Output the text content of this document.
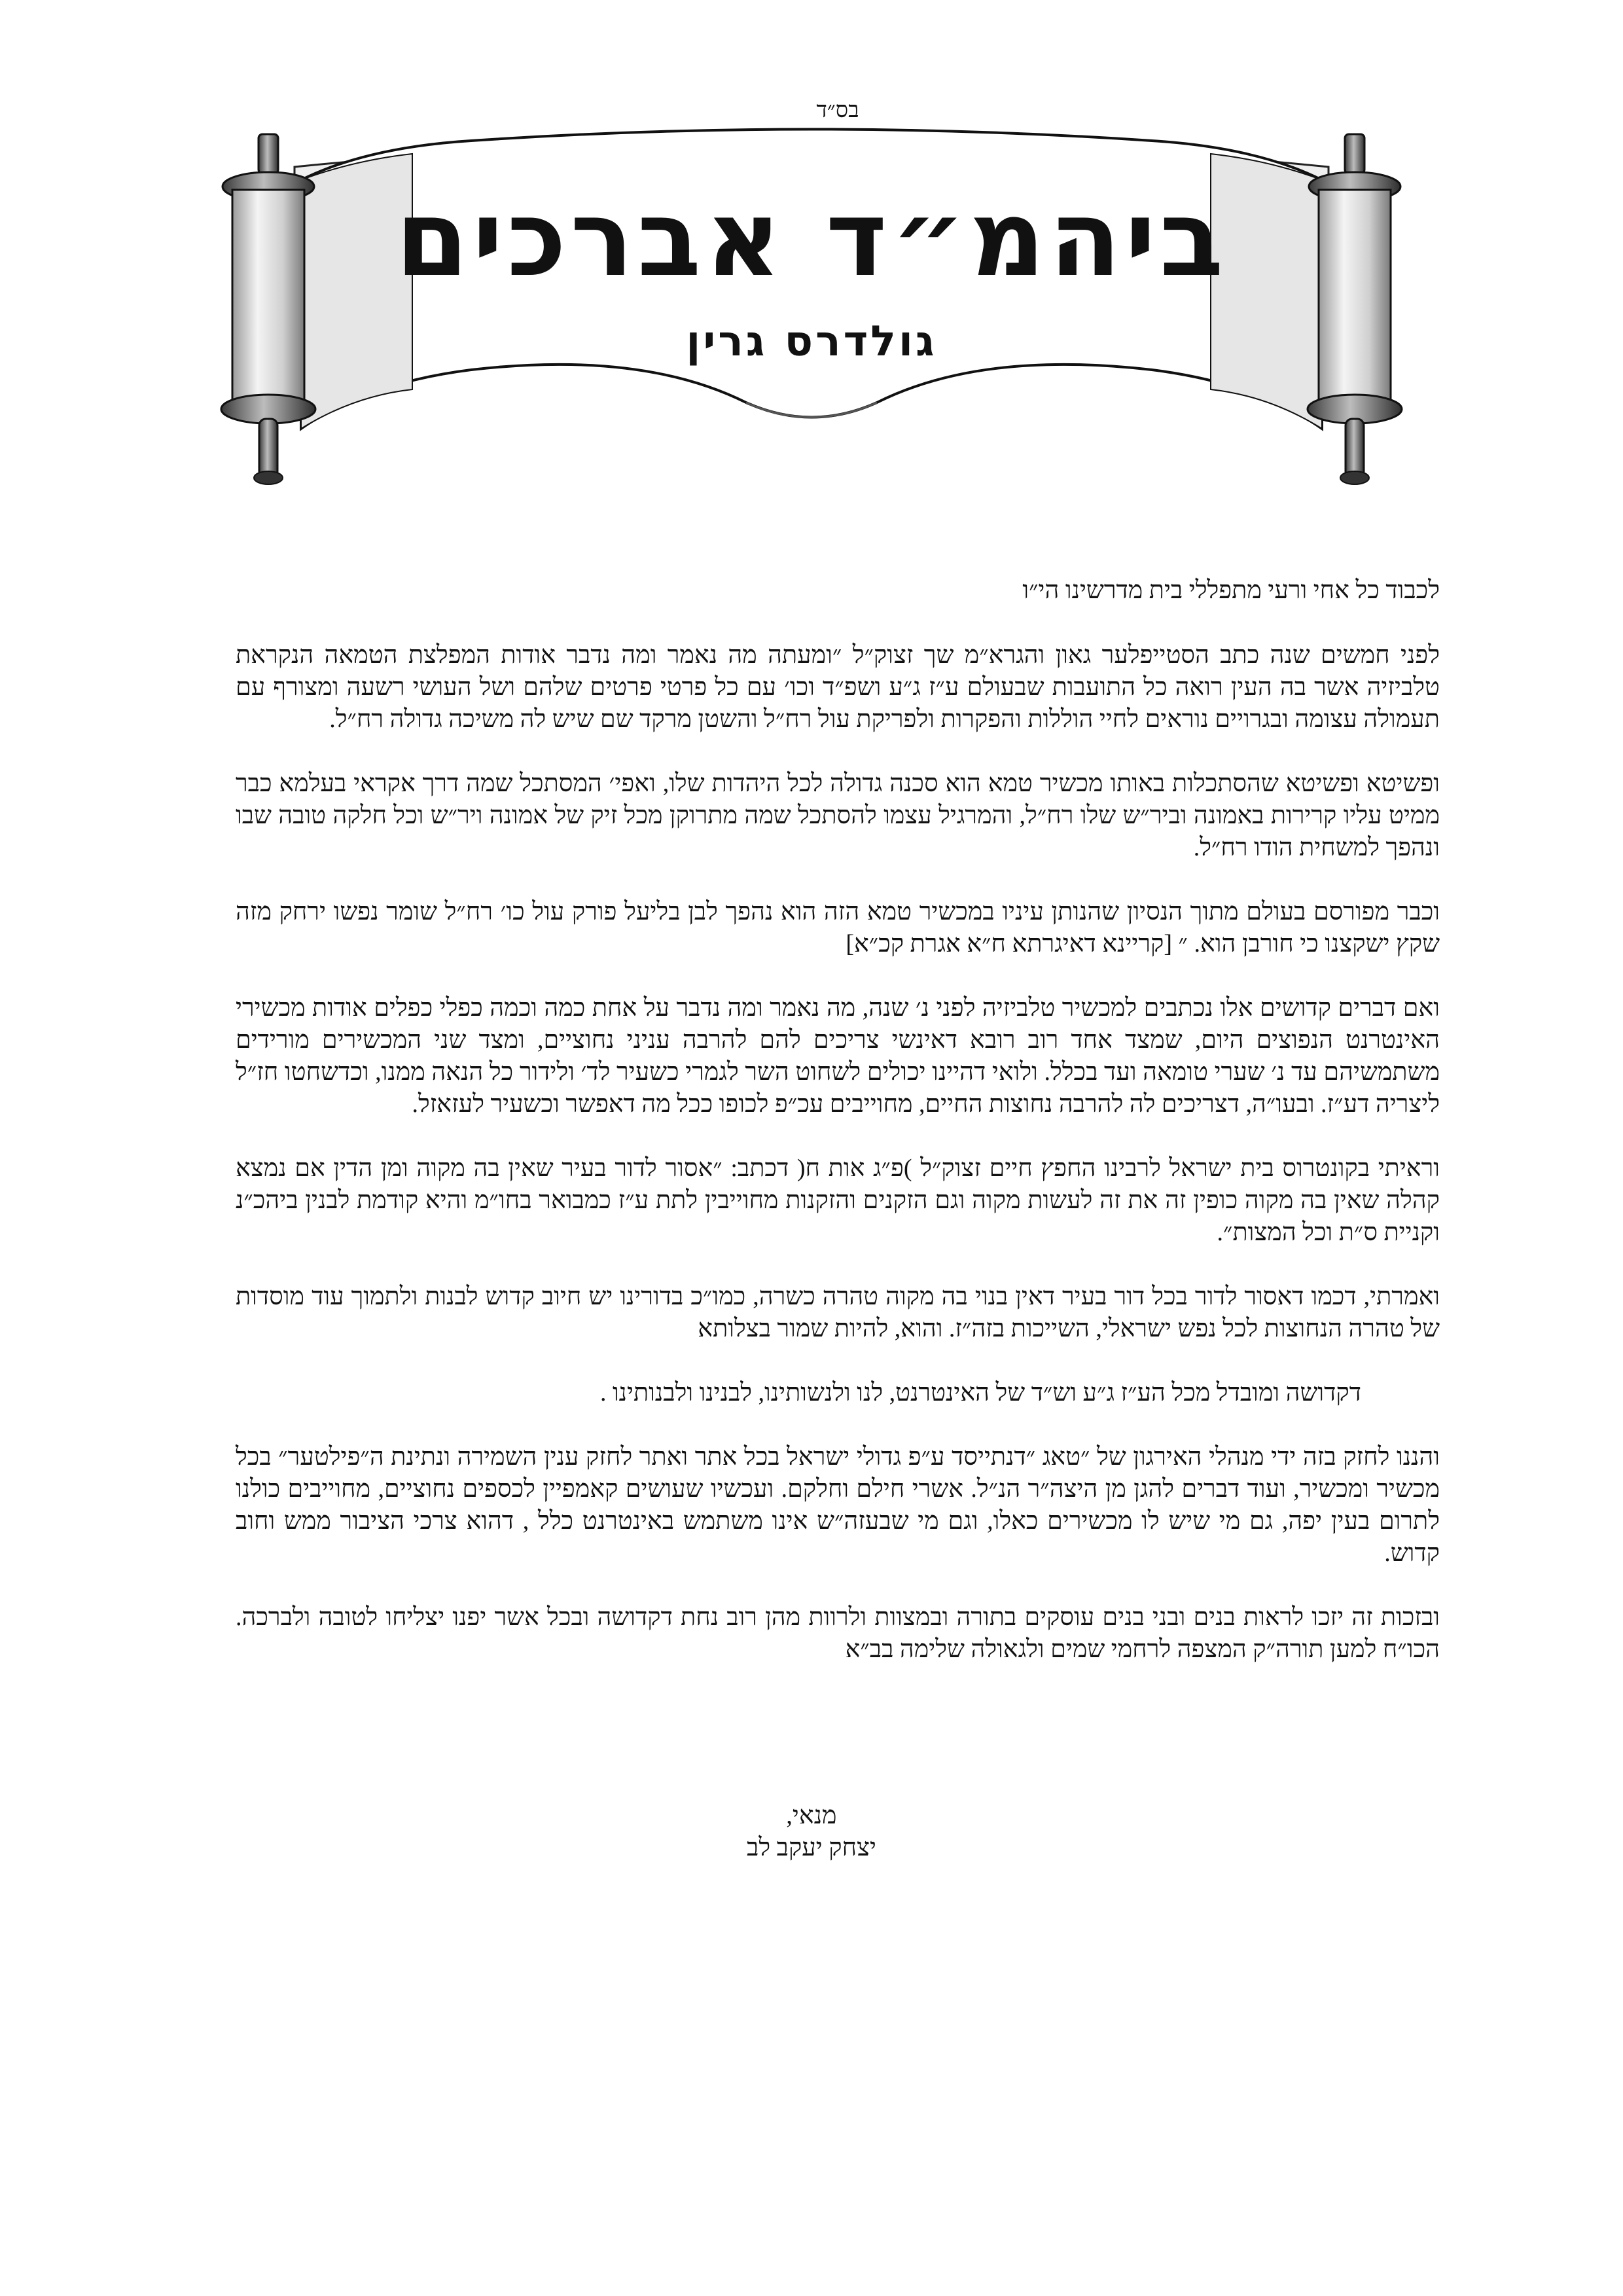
בס״ד
ביהמ״ד אברכים
גולדרס גרין
לכבוד כל אחי ורעי מתפללי בית מדרשינו הי״ו

לפני חמשים שנה כתב הסטייפלער גאון והגרא״מ שך זצוק״ל ״ומעתה מה נאמר ומה נדבר אודות המפלצת הטמאה הנקראת טלביזיה אשר בה העין רואה כל התועבות שבעולם ע״ז ג״ע ושפ״ד וכו׳ עם כל פרטי פרטים שלהם ושל העושי רשעה ומצורף עם תעמולה עצומה ובגרויים נוראים לחיי הוללות והפקרות ולפריקת עול רח״ל והשטן מרקד שם שיש לה משיכה גדולה רח״ל.

ופשיטא ופשיטא שהסתכלות באותו מכשיר טמא הוא סכנה גדולה לכל היהדות שלו, ואפי׳ המסתכל שמה דרך אקראי בעלמא כבר ממיט עליו קרירות באמונה וביר״ש שלו רח״ל, והמרגיל עצמו להסתכל שמה מתרוקן מכל זיק של אמונה ויר״ש וכל חלקה טובה שבו ונהפך למשחית הודו רח״ל.

וכבר מפורסם בעולם מתוך הנסיון שהנותן עיניו במכשיר טמא הזה הוא נהפך לבן בליעל פורק עול כו׳ רח״ל שומר נפשו ירחק מזה שקץ ישקצנו כי חורבן הוא. ״ [קריינא דאיגרתא ח״א אגרת קכ״א]

ואם דברים קדושים אלו נכתבים למכשיר טלביזיה לפני נ׳ שנה, מה נאמר ומה נדבר על אחת כמה וכמה כפלי כפלים אודות מכשירי האינטרנט הנפוצים היום, שמצד אחד רוב רובא דאינשי צריכים להם להרבה עניני נחוציים, ומצד שני המכשירים מורידים משתמשיהם עד נ׳ שערי טומאה ועד בכלל. ולואי דהיינו יכולים לשחוט השר לגמרי כשעיר לד׳ ולידור כל הנאה ממנו, וכדשחטו חז״ל ליצריה דע״ז. ובעו״ה, דצריכים לה להרבה נחוצות החיים, מחוייבים עכ״פ לכופו ככל מה דאפשר וכשעיר לעזאזל.

וראיתי בקונטרוס בית ישראל לרבינו החפץ חיים זצוק״ל )פ״ג אות ח( דכתב: ״אסור לדור בעיר שאין בה מקוה ומן הדין אם נמצא קהלה שאין בה מקוה כופין זה את זה לעשות מקוה וגם הזקנים והזקנות מחוייבין לתת ע״ז כמבואר בחו״מ והיא קודמת לבנין ביהכ״נ וקניית ס״ת וכל המצות״.

ואמרתי, דכמו דאסור לדור בכל דור בעיר דאין בנוי בה מקוה טהרה כשרה, כמו״כ בדורינו יש חיוב קדוש לבנות ולתמוך עוד מוסדות של טהרה הנחוצות לכל נפש ישראלי, השייכות בזה״ז. והוא, להיות שמור בצלותא

דקדושה ומובדל מכל הע״ז ג״ע וש״ד של האינטרנט, לנו ולנשותינו, לבנינו ולבנותינו .

והננו לחזק בזה ידי מנהלי האירגון של ״טאג ״דנתייסד ע״פ גדולי ישראל בכל אתר ואתר לחזק ענין השמירה ונתינת ה״פילטער״ בכל מכשיר ומכשיר, ועוד דברים להגן מן היצה״ר הנ״ל. אשרי חילם וחלקם. ועכשיו שעושים קאמפיין לכספים נחוציים, מחוייבים כולנו לתרום בעין יפה, גם מי שיש לו מכשירים כאלו, וגם מי שבעזה״ש אינו משתמש באינטרנט כלל , דהוא צרכי הציבור ממש וחוב קדוש.

ובזכות זה יזכו לראות בנים ובני בנים עוסקים בתורה ובמצוות ולרוות מהן רוב נחת דקדושה ובכל אשר יפנו יצליחו לטובה ולברכה. הכו״ח למען תורה״ק המצפה לרחמי שמים ולגאולה שלימה בב״א

מנאי,
יצחק יעקב לב
